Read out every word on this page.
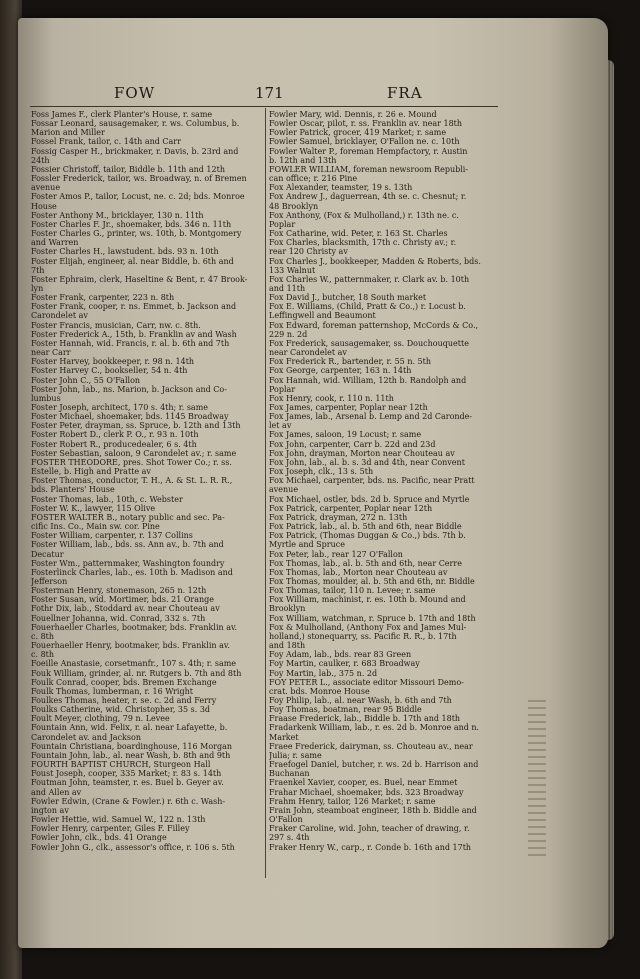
FOW	171	FRA
Foss James F., clerk Planter's House, r. same
Fossar Leonard, sausagemaker, r. ws. Columbus, b.
Marion and Miller
Fossel Frank, tailor, c. 14th and Carr
Fossig Casper H., brickmaker, r. Davis, b. 23rd and
24th
Fossier Christoff, tailor, Biddle b. 11th and 12th
Fossler Frederick, tailor, ws. Broadway, n. of Bremen
avenue
Foster Amos P., tailor, Locust, ne. c. 2d; bds. Monroe
House
Foster Anthony M., bricklayer, 130 n. 11th
Foster Charles F. Jr., shoemaker, bds. 346 n. 11th
Foster Charles G., printer, ws. 10th, b. Montgomery
and Warren
Foster Charles H., lawstudent. bds. 93 n. 10th
Foster Elijah, engineer, al. near Biddle, b. 6th and
7th
Foster Ephraim, clerk, Haseltine & Bent, r. 47 Brook-
lyn
Foster Frank, carpenter, 223 n. 8th
Foster Frank, cooper, r. ns. Emmet, b. Jackson and
Carondelet av
Foster Francis, musician, Carr, nw. c. 8th.
Foster Frederick A., 15th, b. Franklin av and Wash
Foster Hannah, wid. Francis, r. al. b. 6th and 7th
near Carr
Foster Harvey, bookkeeper, r. 98 n. 14th
Foster Harvey C., bookseller, 54 n. 4th
Foster John C., 55 O'Fallon
Foster John, lab., ns. Marion, b. Jackson and Co-
lumbus
Foster Joseph, architect, 170 s. 4th; r. same
Foster Michael, shoemaker, bds. 1145 Broadway
Foster Peter, drayman, ss. Spruce, b. 12th and 13th
Foster Robert D., clerk P. O., r. 93 n. 10th
Foster Robert R., producedealer, 6 s. 4th
Foster Sebastian, saloon, 9 Carondelet av.; r. same
FOSTER THEODORE, pres. Shot Tower Co.; r. ss.
Estelle, b. High and Pratte av
Foster Thomas, conductor, T. H., A. & St. L. R. R.,
bds. Planters' House
Foster Thomas, lab., 10th, c. Webster
Foster W. K., lawyer, 115 Olive
FOSTER WALTER B., notary public and sec. Pa-
cific Ins. Co., Main sw. cor. Pine
Foster William, carpenter, r. 137 Collins
Foster William, lab., bds. ss. Ann av., b. 7th and
Decatur
Foster Wm., patternmaker, Washington foundry
Fosterlinck Charles, lab., es. 10th b. Madison and
Jefferson
Fosterman Henry, stonemason, 265 n. 12th
Foster Susan, wid. Mortimer, bds. 21 Orange
Fothr Dix, lab., Stoddard av. near Chouteau av
Fouellner Johanna, wid. Conrad, 332 s. 7th
Fouerhaeller Charles, bootmaker, bds. Franklin av.
c. 8th
Fouerhaeller Henry, bootmaker, bds. Franklin av.
c. 8th
Foeille Anastasie, corsetmanfr., 107 s. 4th; r. same
Fouk William, grinder, al. nr. Rutgers b. 7th and 8th
Foulk Conrad, cooper, bds. Bremen Exchange
Foulk Thomas, lumberman, r. 16 Wright
Foulkes Thomas, heater, r. se. c. 2d and Ferry
Foulks Catherine, wid. Christopher, 35 s. 3d
Foult Meyer, clothing, 79 n. Levee
Fountain Ann, wid. Felix, r. al. near Lafayette, b.
Carondelet av. and Jackson
Fountain Christiana, boardinghouse, 116 Morgan
Fountain John, lab., al. near Wash, b. 8th and 9th
FOURTH BAPTIST CHURCH, Sturgeon Hall
Foust Joseph, cooper, 335 Market; r. 83 s. 14th
Foutman John, teamster, r. es. Buel b. Geyer av.
and Allen av
Fowler Edwin, (Crane & Fowler.) r. 6th c. Wash-
ington av
Fowler Hettie, wid. Samuel W., 122 n. 13th
Fowler Henry, carpenter, Giles F. Filley
Fowler John, clk., bds. 41 Orange
Fowler John G., clk., assessor's office, r. 106 s. 5th
Fowler Mary, wid. Dennis, r. 26 e. Mound
Fowler Oscar, pilot, r. ss. Franklin av. near 18th
Fowler Patrick, grocer, 419 Market; r. same
Fowler Samuel, bricklayer, O'Fallon ne. c. 10th
Fowler Walter P., foreman Hempfactory, r. Austin
b. 12th and 13th
FOWLER WILLIAM, foreman newsroom Republi-
can office; r. 216 Pine
Fox Alexander, teamster, 19 s. 13th
Fox Andrew J., daguerrean, 4th se. c. Chesnut; r.
48 Brooklyn
Fox Anthony, (Fox & Mulholland,) r. 13th ne. c.
Poplar
Fox Catharine, wid. Peter, r. 163 St. Charles
Fox Charles, blacksmith, 17th c. Christy av.; r.
rear 120 Christy av
Fox Charles J., bookkeeper, Madden & Roberts, bds.
133 Walnut
Fox Charles W., patternmaker, r. Clark av. b. 10th
and 11th
Fox David J., butcher, 18 South market
Fox E. Williams, (Child, Pratt & Co.,) r. Locust b.
Leffingwell and Beaumont
Fox Edward, foreman patternshop, McCords & Co.,
229 n. 2d
Fox Frederick, sausagemaker, ss. Douchouquette
near Carondelet av
Fox Frederick R., bartender, r. 55 n. 5th
Fox George, carpenter, 163 n. 14th
Fox Hannah, wid. William, 12th b. Randolph and
Poplar
Fox Henry, cook, r. 110 n. 11th
Fox James, carpenter, Poplar near 12th
Fox James, lab., Arsenal b. Lemp and 2d Caronde-
let av
Fox James, saloon, 19 Locust; r. same
Fox John, carpenter, Carr b. 22d and 23d
Fox John, drayman, Morton near Chouteau av
Fox John, lab., al. b. s. 3d and 4th, near Convent
Fox Joseph, clk., 13 s. 5th
Fox Michael, carpenter, bds. ns. Pacific, near Pratt
avenue
Fox Michael, ostler, bds. 2d b. Spruce and Myrtle
Fox Patrick, carpenter, Poplar near 12th
Fox Patrick, drayman, 272 n. 13th
Fox Patrick, lab., al. b. 5th and 6th, near Biddle
Fox Patrick, (Thomas Duggan & Co.,) bds. 7th b.
Myrtle and Spruce
Fox Peter, lab., rear 127 O'Fallon
Fox Thomas, lab., al. b. 5th and 6th, near Cerre
Fox Thomas, lab., Morton near Chouteau av
Fox Thomas, moulder, al. b. 5th and 6th, nr. Biddle
Fox Thomas, tailor, 110 n. Levee; r. same
Fox William, machinist, r. es. 10th b. Mound and
Brooklyn
Fox William, watchman, r. Spruce b. 17th and 18th
Fox & Mulholland, (Anthony Fox and James Mul-
holland,) stonequarry, ss. Pacific R. R., b. 17th
and 18th
Foy Adam, lab., bds. rear 83 Green
Foy Martin, caulker, r. 683 Broadway
Foy Martin, lab., 375 n. 2d
FOY PETER L., associate editor Missouri Demo-
crat. bds. Monroe House
Foy Philip, lab., al. near Wash, b. 6th and 7th
Foy Thomas, boatman, rear 95 Biddle
Fraase Frederick, lab., Biddle b. 17th and 18th
Fradarkenk William, lab., r. es. 2d b. Monroe and n.
Market
Fraee Frederick, dairyman, ss. Chouteau av., near
Julia; r. same
Fraefogel Daniel, butcher, r. ws. 2d b. Harrison and
Buchanan
Fraenkel Xavier, cooper, es. Buel, near Emmet
Frahar Michael, shoemaker, bds. 323 Broadway
Frahm Henry, tailor, 126 Market; r. same
Frain John, steamboat engineer, 18th b. Biddle and
O'Fallon
Fraker Caroline, wid. John, teacher of drawing, r.
297 s. 4th
Fraker Henry W., carp., r. Conde b. 16th and 17th
